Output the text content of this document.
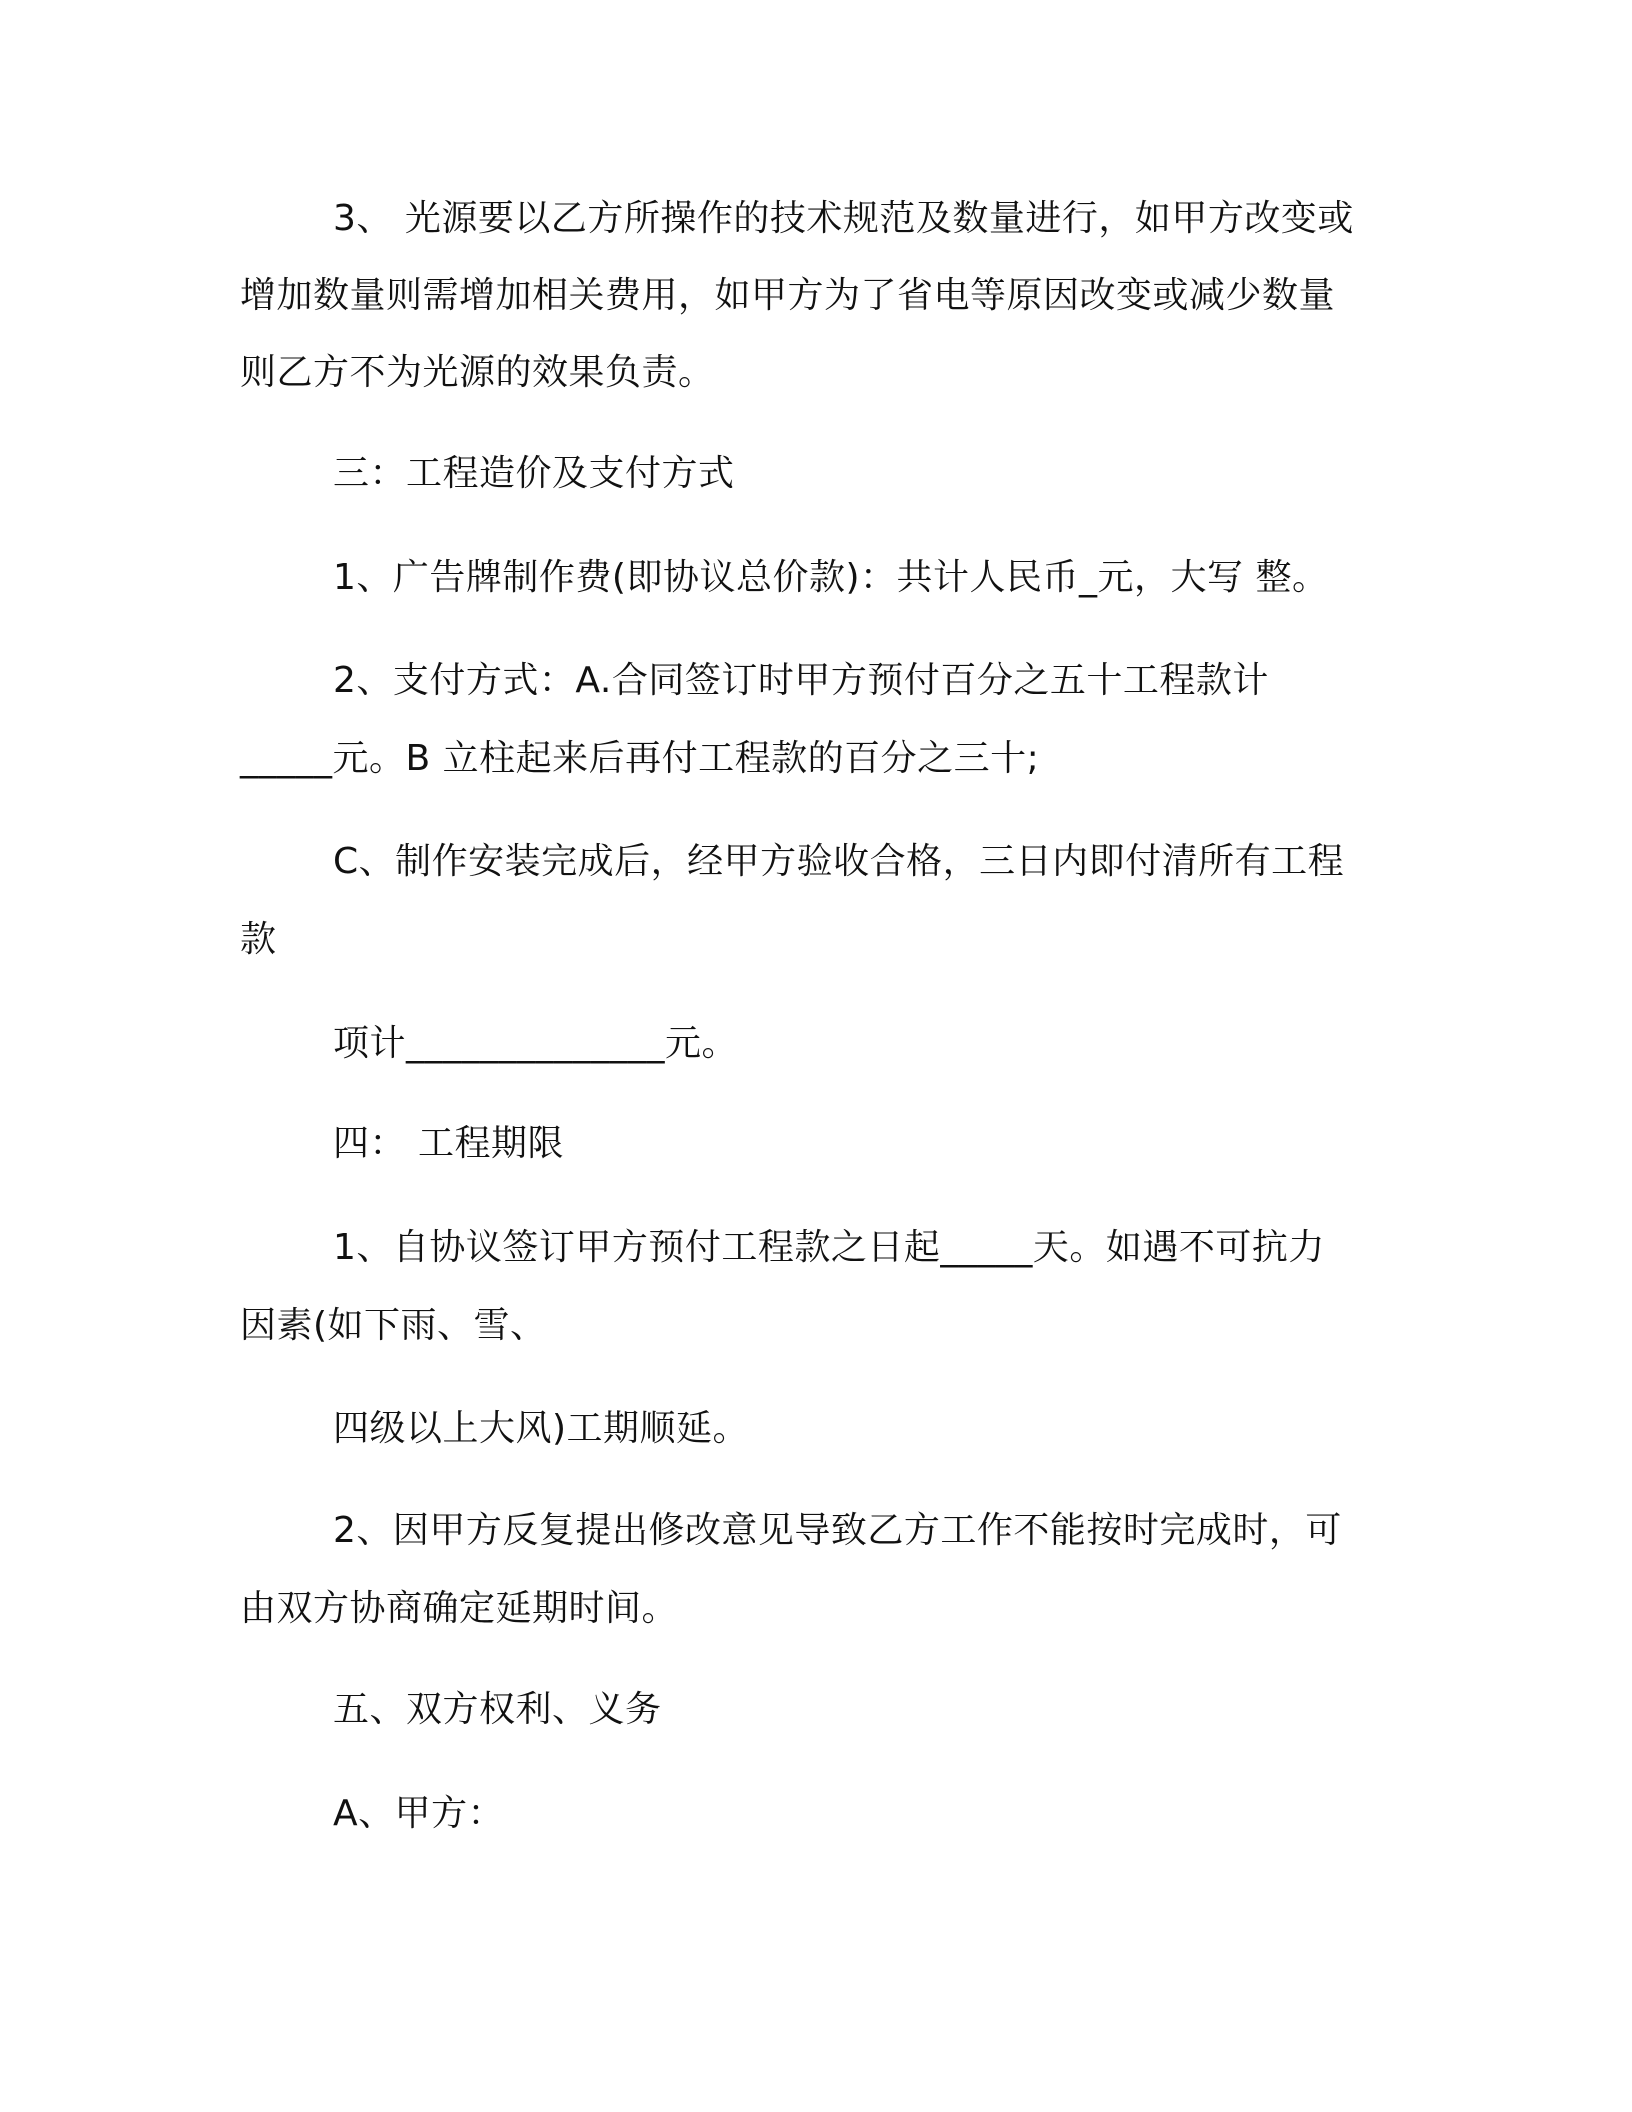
3、 光源要以乙方所操作的技术规范及数量进行，如甲方改变或
增加数量则需增加相关费用，如甲方为了省电等原因改变或减少数量
则乙方不为光源的效果负责。
三：工程造价及支付方式
1、广告牌制作费(即协议总价款)：共计人民币_元，大写 整。
2、支付方式：A.合同签订时甲方预付百分之五十工程款计
_____元。B 立柱起来后再付工程款的百分之三十;
C、制作安装完成后，经甲方验收合格，三日内即付清所有工程
款
项计______________元。
四： 工程期限
1、自协议签订甲方预付工程款之日起_____天。如遇不可抗力
因素(如下雨、雪、
四级以上大风)工期顺延。
2、因甲方反复提出修改意见导致乙方工作不能按时完成时，可
由双方协商确定延期时间。
五、双方权利、义务
A、甲方：
